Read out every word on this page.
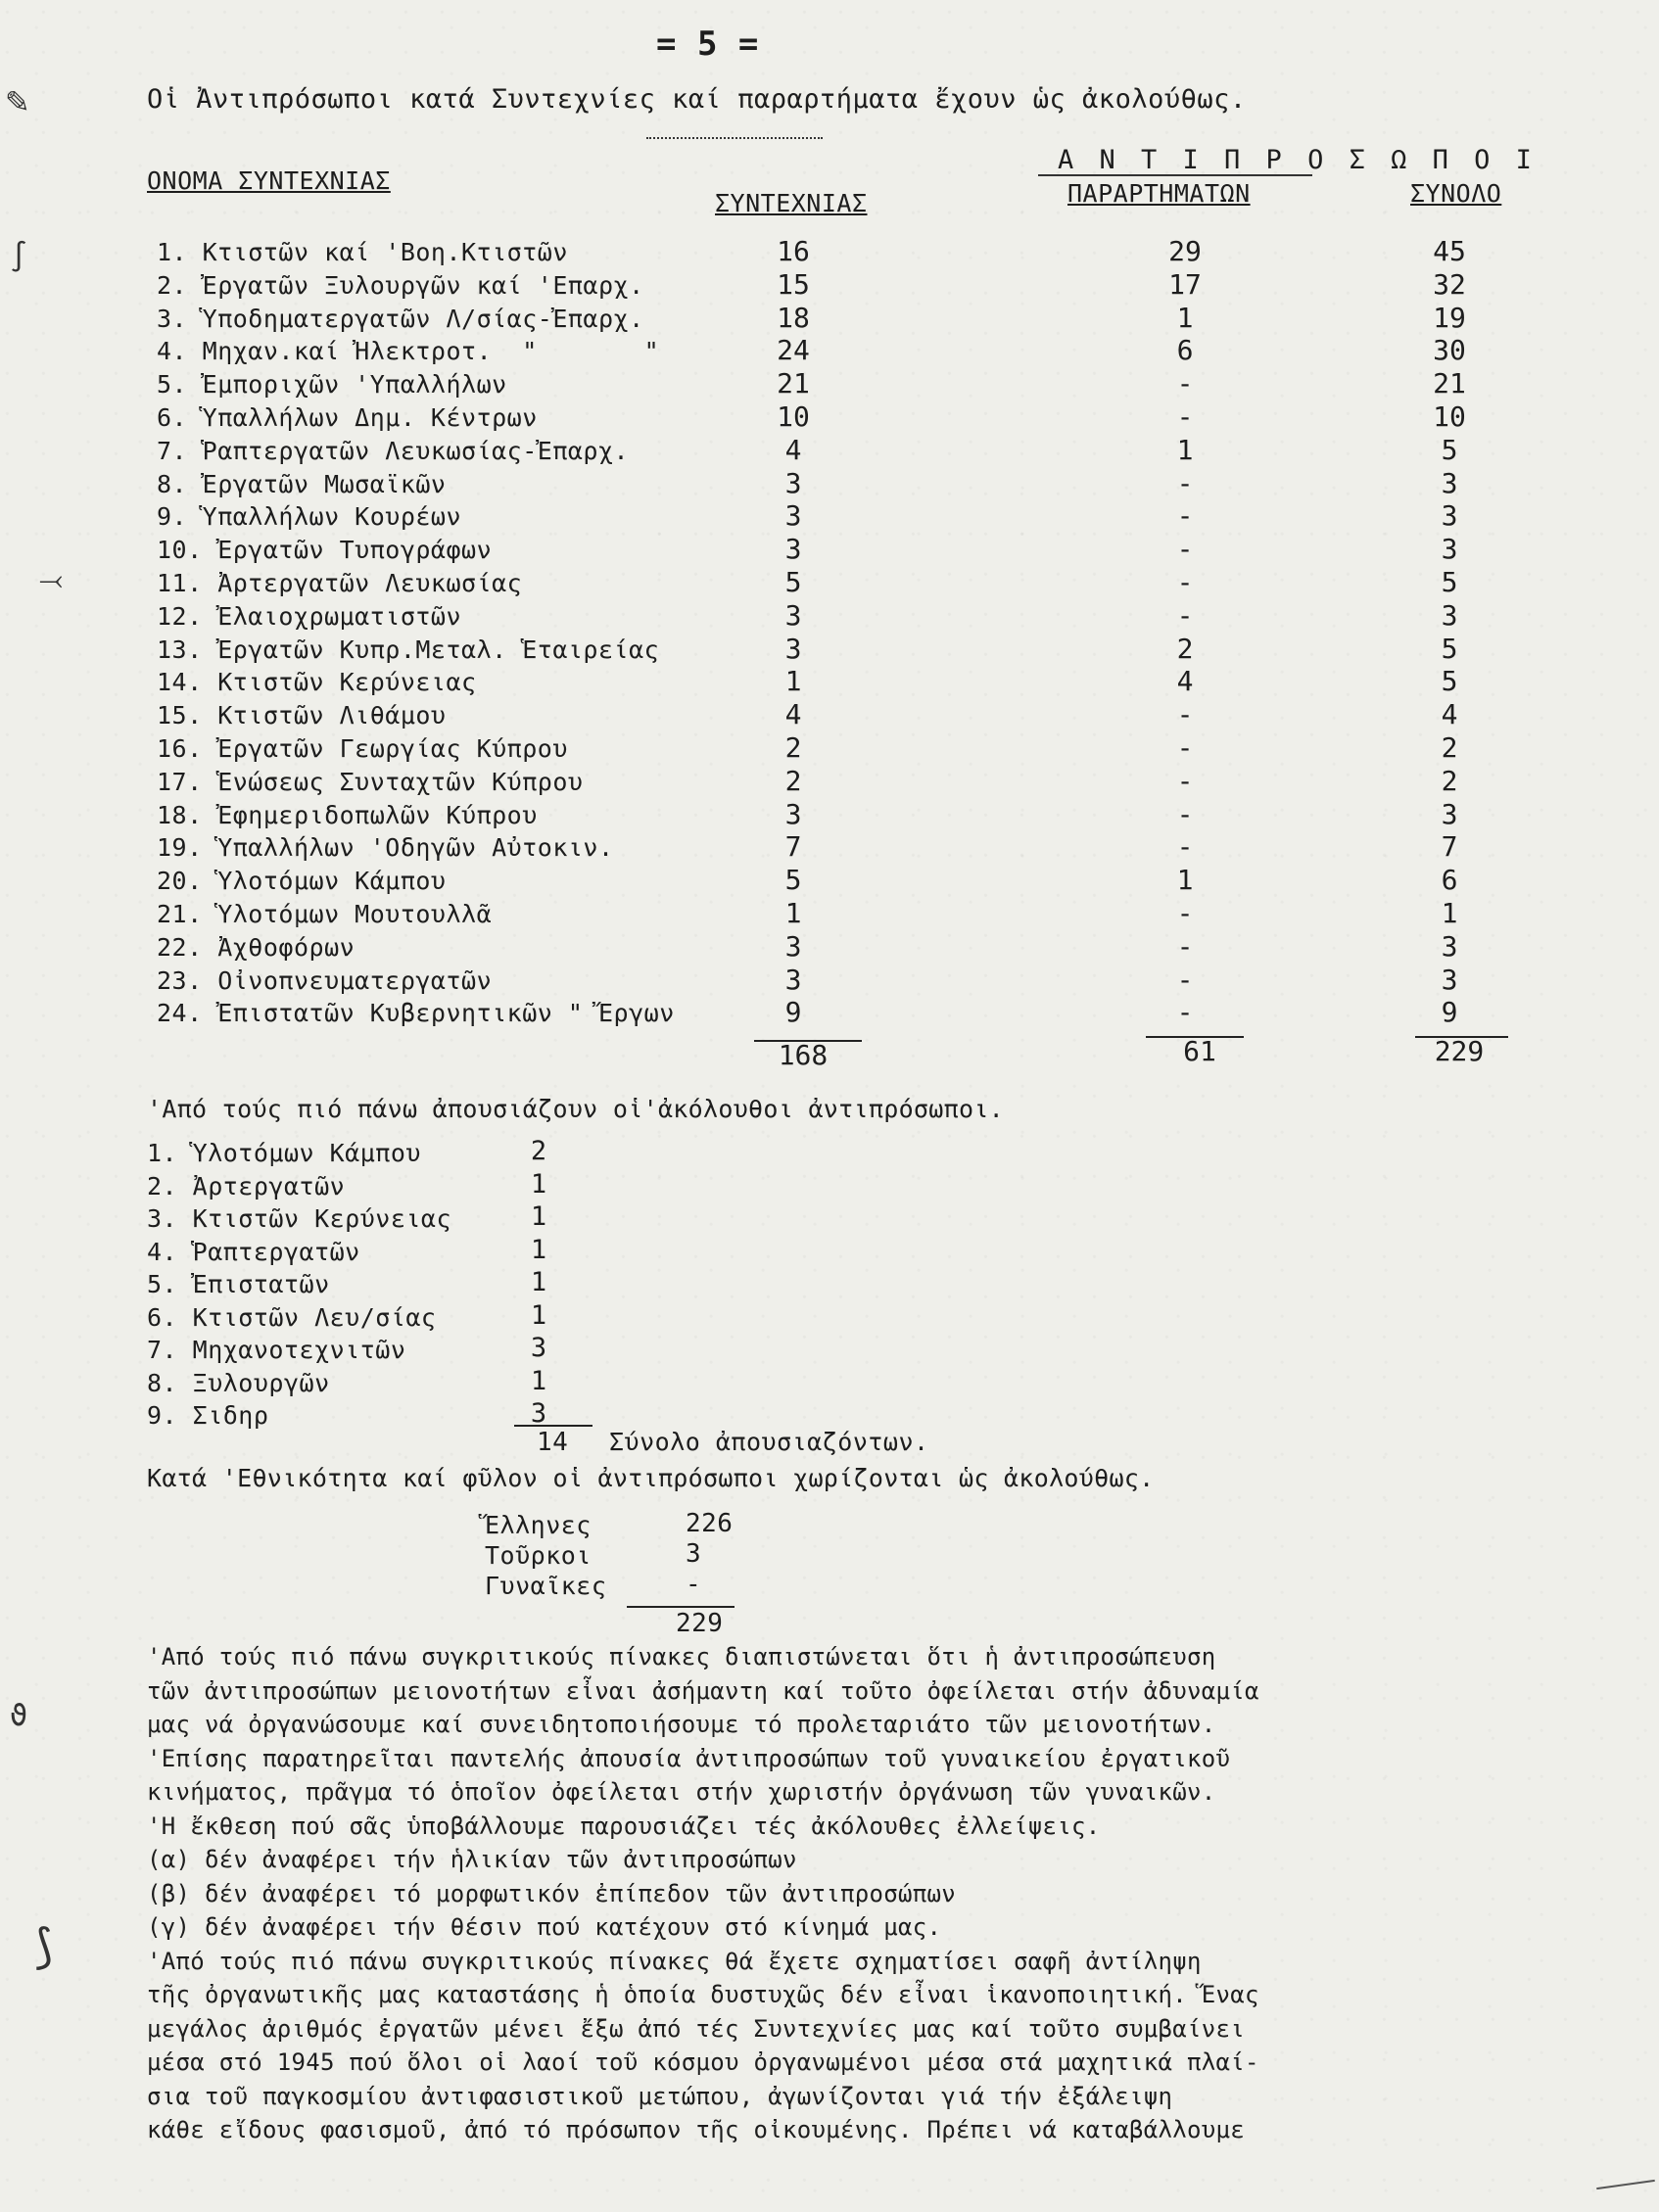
= 5 =
Οἱ Ἀντιπρόσωποι κατά Συντεχνίες καί παραρτήματα ἔχουν ὡς ἀκολούθως.
ΟΝΟΜΑ ΣΥΝΤΕΧΝΙΑΣ
Α Ν Τ Ι Π Ρ Ο Σ Ω Π Ο Ι
ΣΥΝΤΕΧΝΙΑΣ	ΠΑΡΑΡΤΗΜΑΤΩΝ	ΣΥΝΟΛΟ
1. Κτιστῶν καί 'Βοη.Κτιστῶν	16	29	45
2. Ἐργατῶν Ξυλουργῶν καί 'Επαρχ.	15	17	32
3. Ὑποδηματεργατῶν Λ/σίας-Ἐπαρχ.	18	1	19
4. Μηχαν.καί Ἠλεκτροτ.  "       "	24	6	30
5. Ἐμποριχῶν 'Υπαλλήλων	21	-	21
6. Ὑπαλλήλων Δημ. Κέντρων	10	-	10
7. Ῥαπτεργατῶν Λευκωσίας-Ἐπαρχ.	4	1	5
8. Ἐργατῶν Μωσαϊκῶν	3	-	3
9. Ὑπαλλήλων Κουρέων	3	-	3
10. Ἐργατῶν Τυπογράφων	3	-	3
11. Ἀρτεργατῶν Λευκωσίας	5	-	5
12. Ἐλαιοχρωματιστῶν	3	-	3
13. Ἐργατῶν Κυπρ.Μεταλ. Ἑταιρείας	3	2	5
14. Κτιστῶν Κερύνειας	1	4	5
15. Κτιστῶν Λιθάμου	4	-	4
16. Ἐργατῶν Γεωργίας Κύπρου	2	-	2
17. Ἑνώσεως Συνταχτῶν Κύπρου	2	-	2
18. Ἐφημεριδοπωλῶν Κύπρου	3	-	3
19. Ὑπαλλήλων 'Οδηγῶν Αὐτοκιν.	7	-	7
20. Ὑλοτόμων Κάμπου	5	1	6
21. Ὑλοτόμων Μουτουλλᾶ	1	-	1
22. Ἀχθοφόρων	3	-	3
23. Οἰνοπνευματεργατῶν	3	-	3
24. Ἐπιστατῶν Κυβερνητικῶν " Ἔργων	9	-	9
168	61	229
'Από τούς πιό πάνω ἀπουσιάζουν οἱ'ἀκόλουθοι ἀντιπρόσωποι.
1. Ὑλοτόμων Κάμπου	2
2. Ἀρτεργατῶν	1
3. Κτιστῶν Κερύνειας	1
4. Ῥαπτεργατῶν	1
5. Ἐπιστατῶν	1
6. Κτιστῶν Λευ/σίας	1
7. Μηχανοτεχνιτῶν	3
8. Ξυλουργῶν	1
9. Σιδηρ	3
14 Σύνολο ἀπουσιαζόντων.
Κατά 'Εθνικότητα καί φῦλον οἱ ἀντιπρόσωποι χωρίζονται ὡς ἀκολούθως.
Ἕλληνες	226
Τοῦρκοι	3
Γυναῖκες	-
229
'Από τούς πιό πάνω συγκριτικούς πίνακες διαπιστώνεται ὅτι ἡ ἀντιπροσώπευση
τῶν ἀντιπροσώπων μειονοτήτων εἶναι ἀσήμαντη καί τοῦτο ὀφείλεται στήν ἀδυναμία
μας νά ὀργανώσουμε καί συνειδητοποιήσουμε τό προλεταριάτο τῶν μειονοτήτων.
'Επίσης παρατηρεῖται παντελής ἀπουσία ἀντιπροσώπων τοῦ γυναικείου ἐργατικοῦ
κινήματος, πρᾶγμα τό ὁποῖον ὀφείλεται στήν χωριστήν ὀργάνωση τῶν γυναικῶν.
'Η ἔκθεση πού σᾶς ὑποβάλλουμε παρουσιάζει τές ἀκόλουθες ἐλλείψεις.
(α) δέν ἀναφέρει τήν ἡλικίαν τῶν ἀντιπροσώπων
(β) δέν ἀναφέρει τό μορφωτικόν ἐπίπεδον τῶν ἀντιπροσώπων
(γ) δέν ἀναφέρει τήν θέσιν πού κατέχουν στό κίνημά μας.
'Από τούς πιό πάνω συγκριτικούς πίνακες θά ἔχετε σχηματίσει σαφῆ ἀντίληψη
τῆς ὀργανωτικῆς μας καταστάσης ἡ ὁποία δυστυχῶς δέν εἶναι ἱκανοποιητική. Ἕνας
μεγάλος ἀριθμός ἐργατῶν μένει ἔξω ἀπό τές Συντεχνίες μας καί τοῦτο συμβαίνει
μέσα στό 1945 πού ὅλοι οἱ λαοί τοῦ κόσμου ὀργανωμένοι μέσα στά μαχητικά πλαί-
σια τοῦ παγκοσμίου ἀντιφασιστικοῦ μετώπου, ἀγωνίζονται γιά τήν ἐξάλειψη
κάθε εἴδους φασισμοῦ, ἀπό τό πρόσωπον τῆς οἰκουμένης. Πρέπει νά καταβάλλουμε
✎
∫
⤙
ϑ
⟆
